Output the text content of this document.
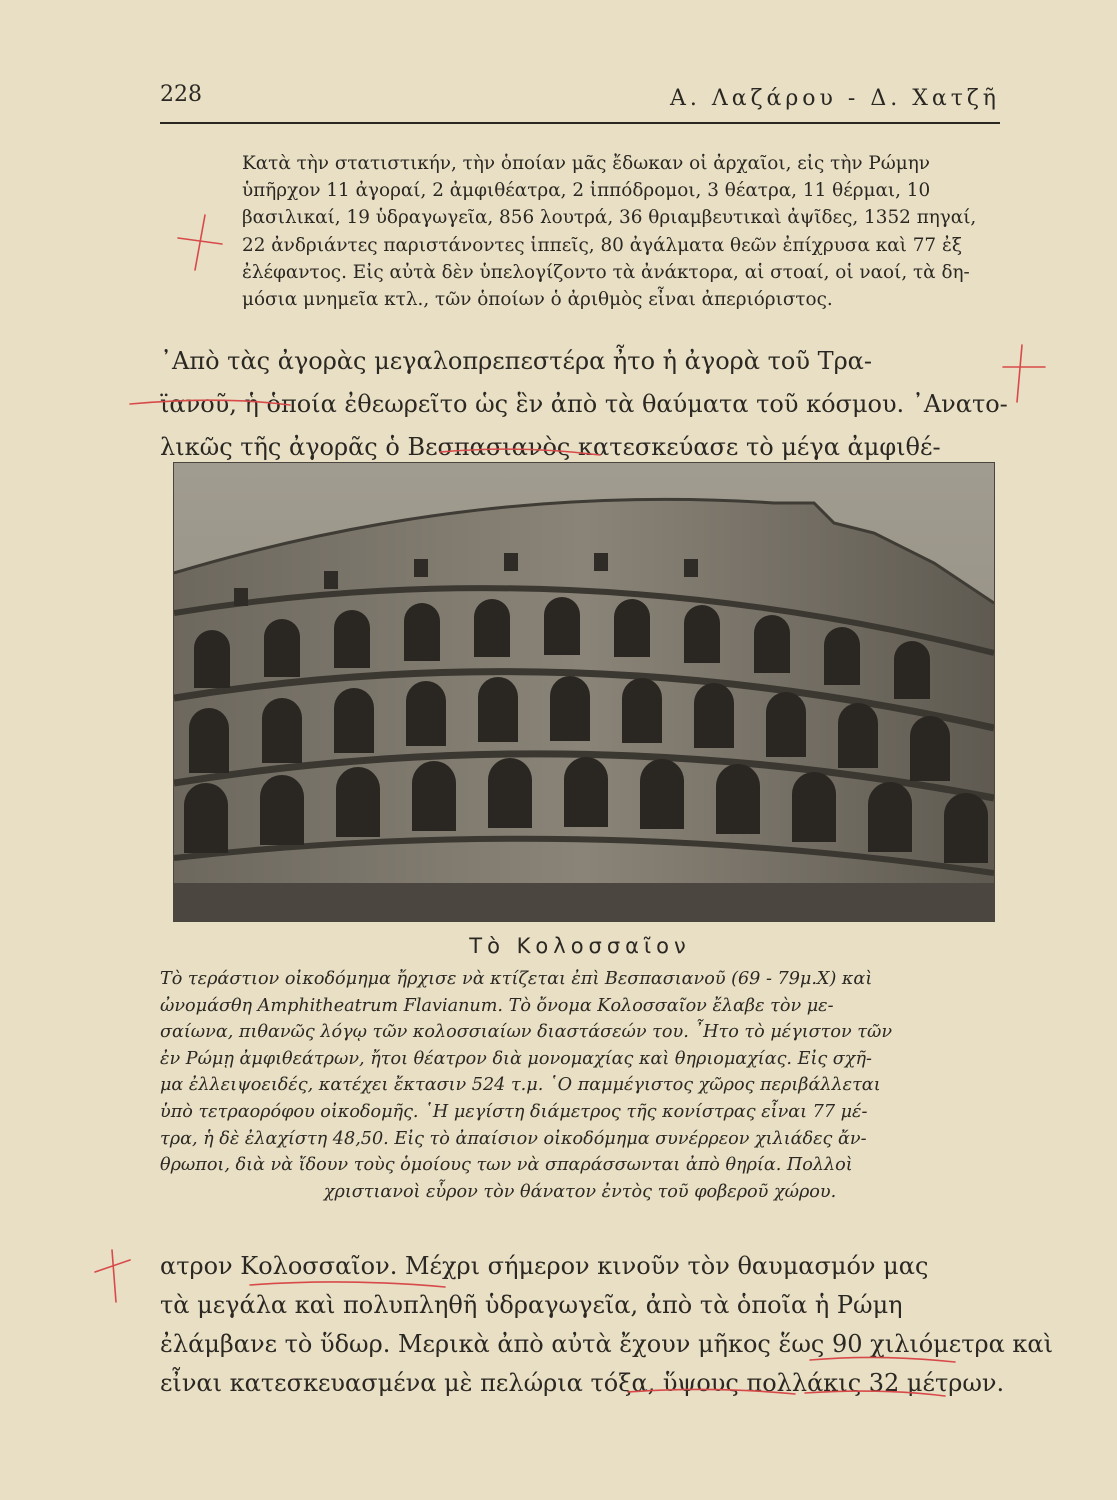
228	Α. Λαζάρου - Δ. Χατζῆ
Κατὰ τὴν στατιστικήν, τὴν ὁποίαν μᾶς ἔδωκαν οἱ ἀρχαῖοι, εἰς τὴν Ρώμην
ὑπῆρχον 11 ἀγοραί, 2 ἀμφιθέατρα, 2 ἱππόδρομοι, 3 θέατρα, 11 θέρμαι, 10
βασιλικαί, 19 ὑδραγωγεῖα, 856 λουτρά, 36 θριαμβευτικαὶ ἀψῖδες, 1352 πηγαί,
22 ἀνδριάντες παριστάνοντες ἱππεῖς, 80 ἀγάλματα θεῶν ἐπίχρυσα καὶ 77 ἐξ
ἐλέφαντος. Εἰς αὐτὰ δὲν ὑπελογίζοντο τὰ ἀνάκτορα, αἱ στοαί, οἱ ναοί, τὰ δη-
μόσια μνημεῖα κτλ., τῶν ὁποίων ὁ ἀριθμὸς εἶναι ἀπεριόριστος.
᾿Απὸ τὰς ἀγορὰς μεγαλοπρεπεστέρα ἦτο ἡ ἀγορὰ τοῦ Τρα-
ϊανοῦ, ἡ ὁποία ἐθεωρεῖτο ὡς ἓν ἀπὸ τὰ θαύματα τοῦ κόσμου. ᾿Ανατο-
λικῶς τῆς ἀγορᾶς ὁ Βεσπασιανὸς κατεσκεύασε τὸ μέγα ἀμφιθέ-
Τὸ Κολοσσαῖον
Τὸ τεράστιον οἰκοδόμημα ἤρχισε νὰ κτίζεται ἐπὶ Βεσπασιανοῦ (69 - 79μ.Χ) καὶ
ὠνομάσθη Amphitheatrum Flavianum. Τὸ ὄνομα Κολοσσαῖον ἔλαβε τὸν με-
σαίωνα, πιθανῶς λόγῳ τῶν κολοσσιαίων διαστάσεών του. ῏Ητο τὸ μέγιστον τῶν
ἐν Ρώμῃ ἀμφιθεάτρων, ἤτοι θέατρον διὰ μονομαχίας καὶ θηριομαχίας. Εἰς σχῆ-
μα ἐλλειψοειδές, κατέχει ἔκτασιν 524 τ.μ. ῾Ο παμμέγιστος χῶρος περιβάλλεται
ὑπὸ τετραορόφου οἰκοδομῆς. ῾Η μεγίστη διάμετρος τῆς κονίστρας εἶναι 77 μέ-
τρα, ἡ δὲ ἐλαχίστη 48,50. Εἰς τὸ ἀπαίσιον οἰκοδόμημα συνέρρεον χιλιάδες ἄν-
θρωποι, διὰ νὰ ἴδουν τοὺς ὁμοίους των νὰ σπαράσσωνται ἀπὸ θηρία. Πολλοὶ
χριστιανοὶ εὗρον τὸν θάνατον ἐντὸς τοῦ φοβεροῦ χώρου.
ατρον Κολοσσαῖον. Μέχρι σήμερον κινοῦν τὸν θαυμασμόν μας
τὰ μεγάλα καὶ πολυπληθῆ ὑδραγωγεῖα, ἀπὸ τὰ ὁποῖα ἡ Ρώμη
ἐλάμβανε τὸ ὕδωρ. Μερικὰ ἀπὸ αὐτὰ ἔχουν μῆκος ἕως 90 χιλιόμετρα καὶ
εἶναι κατεσκευασμένα μὲ πελώρια τόξα, ὕψους πολλάκις 32 μέτρων.
